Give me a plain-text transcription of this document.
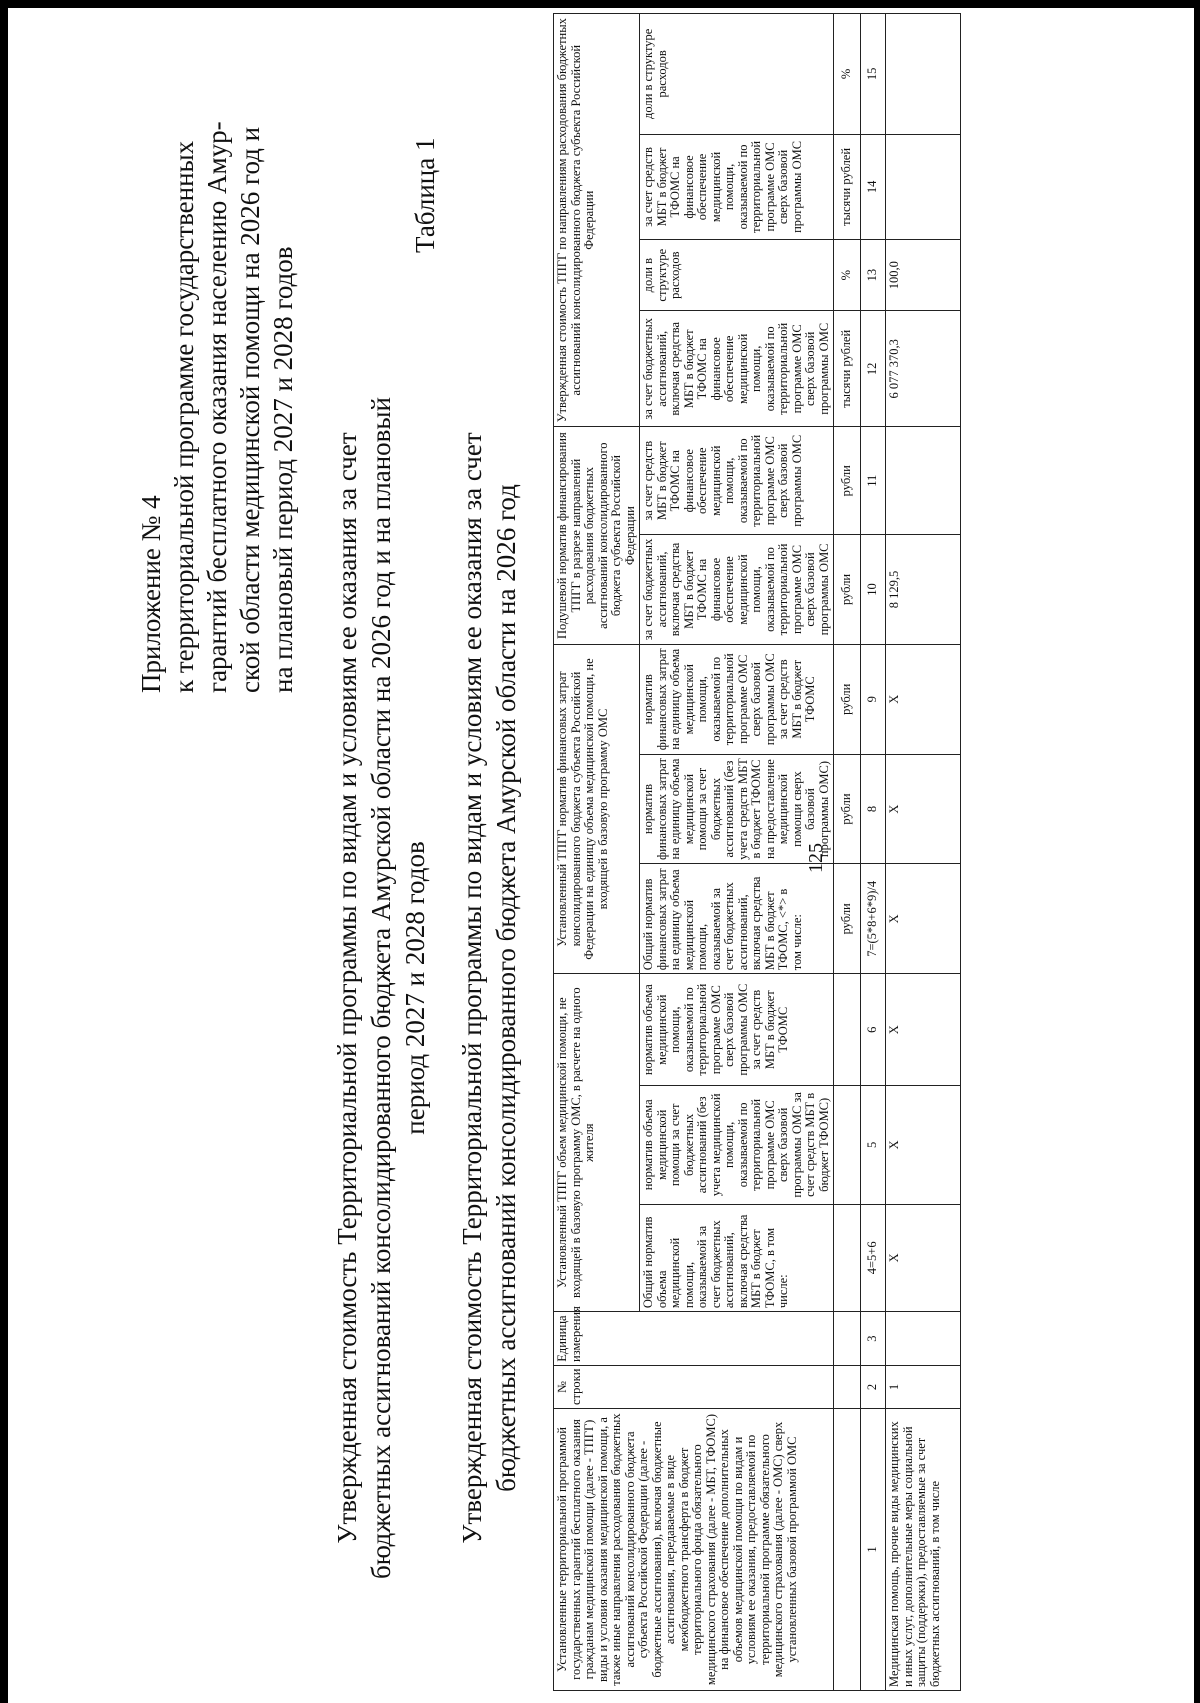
125
Приложение № 4 к территориальной программе государственных гарантий бесплатного оказания населению Амур- ской области медицинской помощи на 2026 год и на плановый период 2027 и 2028 годов Утвержденная стоимость Территориальной программы по видам и условиям ее оказания за счет бюджетных ассигнований консолидированного бюджета Амурской области на 2026 год и на плановый период 2027 и 2028 годов
Таблица 1
Утвержденная стоимость Территориальной программы по видам и условиям ее оказания за счет бюджетных ассигнований консолидированного бюджета Амурской области на 2026 год
Установленные территориальной программой государственных гарантий бесплатного оказания гражданам медицинской помощи (далее - ТПГГ) виды и условия оказания медицинской помощи, а также иные направления расходования бюджетных ассигнований консолидированного бюджета субъекта Российской Федерации (далее - бюджетные ассигнования), включая бюджетные ассигнования, передаваемые в виде межбюджетного трансферта в бюджет территориального фонда обязательного медицинского страхования (далее - МБТ, ТФОМС) на финансовое обеспечение дополнительных объемов медицинской помощи по видам и условиям ее оказания, предоставляемой по территориальной программе обязательного медицинского страхования (далее - ОМС) сверх установленных базовой программой ОМС	№ строки	Единица измерения	Установленный ТПГГ объем медицинской помощи, не входящей в базовую программу ОМС, в расчете на одного жителя			Установленный ТПГГ норматив финансовых затрат консолидированного бюджета субъекта Российской Федерации на единицу объема медицинской помощи, не входящей в базовую программу ОМС			Подушевой норматив финансирования ТПГГ в разрезе направлений расходования бюджетных ассигнований консолидированного бюджета субъекта Российской Федерации		Утвержденная стоимость ТПГГ по направлениям расходования бюджетных ассигнований консолидированного бюджета субъекта Российской Федерации			
			Общий норматив объема медицинской помощи, оказываемой за счет бюджетных ассигнований, включая средства МБТ в бюджет ТФОМС, в том числе:	норматив объема медицинской помощи за счет бюджетных ассигнований (без учета медицинской помощи, оказываемой по территориальной программе ОМС сверх базовой программы ОМС за счет средств МБТ в бюджет ТФОМС)	норматив объема медицинской помощи, оказываемой по территориальной программе ОМС сверх базовой программы ОМС за счет средств МБТ в бюджет ТФОМС	Общий норматив финансовых затрат на единицу объема медицинской помощи, оказываемой за счет бюджетных ассигнований, включая средства МБТ в бюджет ТФОМС, <*> в том числе:	норматив финансовых затрат на единицу объема медицинской помощи за счет бюджетных ассигнований (без учета средств МБТ в бюджет ТФОМС на предоставление медицинской помощи сверх базовой программы ОМС)	норматив финансовых затрат на единицу объема медицинской помощи, оказываемой по территориальной программе ОМС сверх базовой программы ОМС за счет средств МБТ в бюджет ТФОМС	за счет бюджетных ассигнований, включая средства МБТ в бюджет ТФОМС на финансовое обеспечение медицинской помощи, оказываемой по территориальной программе ОМС сверх базовой программы ОМС	за счет средств МБТ в бюджет ТФОМС на финансовое обеспечение медицинской помощи, оказываемой по территориальной программе ОМС сверх базовой программы ОМС	за счет бюджетных ассигнований, включая средства МБТ в бюджет ТФОМС на финансовое обеспечение медицинской помощи, оказываемой по территориальной программе ОМС сверх базовой программы ОМС	доли в структуре расходов	за счет средств МБТ в бюджет ТФОМС на финансовое обеспечение медицинской помощи, оказываемой по территориальной программе ОМС сверх базовой программы ОМС	доли в структуре расходов
						рубли	рубли	рубли	рубли	рубли	тысячи рублей	%	тысячи рублей	%
1	2	3	4=5+6	5	6	7=(5*8+6*9)/4	8	9	10	11	12	13	14	15
Медицинская помощь, прочие виды медицинских и иных услуг, дополнительные меры социальной защиты (поддержки), предоставляемые за счет бюджетных ассигнований, в том числе	1		X	X	X	X	X	X	8 129,5		6 077 370,3	100,0		
